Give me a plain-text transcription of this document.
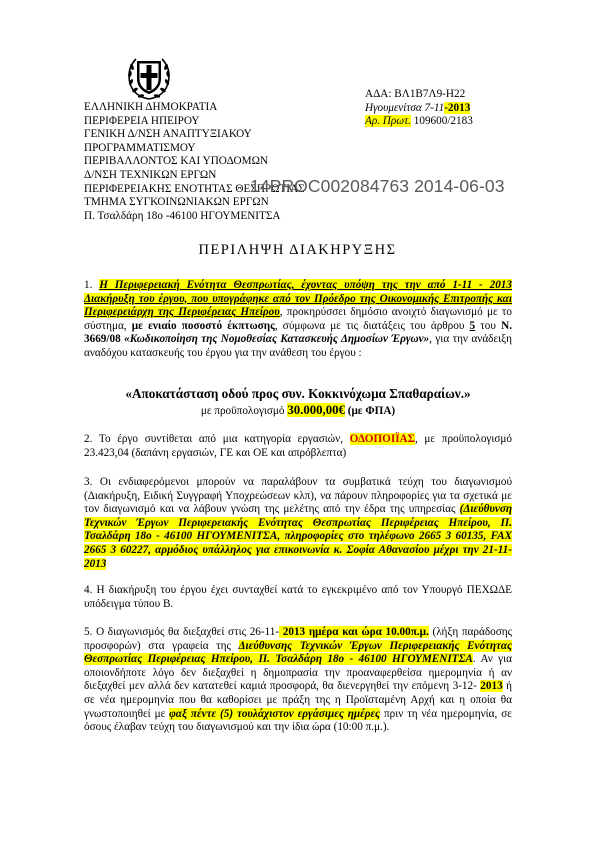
ΕΛΛΗΝΙΚΗ ΔΗΜΟΚΡΑΤΙΑ
ΠΕΡΙΦΕΡΕΙΑ ΗΠΕΙΡΟΥ
ΓΕΝΙΚΗ Δ/ΝΣΗ ΑΝΑΠΤΥΞΙΑΚΟΥ
ΠΡΟΓΡΑΜΜΑΤΙΣΜΟΥ
ΠΕΡΙΒΑΛΛΟΝΤΟΣ ΚΑΙ ΥΠΟΔΟΜΩΝ
Δ/ΝΣΗ ΤΕΧΝΙΚΩΝ ΕΡΓΩΝ
ΠΕΡΙΦΕΡΕΙΑΚΗΣ ΕΝΟΤΗΤΑΣ ΘΕΣΠΡΩΤΙΑΣ
ΤΜΗΜΑ ΣΥΓΚΟΙΝΩΝΙΑΚΩΝ ΕΡΓΩΝ
Π. Τσαλδάρη 18ο -46100 ΗΓΟΥΜΕΝΙΤΣΑ
ΑΔΑ: ΒΛ1Β7Λ9-Η22
Ηγουμενίτσα 7-11-2013
Αρ. Πρωτ. 109600/2183
14PROC002084763 2014-06-03
ΠΕΡΙΛΗΨΗ ΔΙΑΚΗΡΥΞΗΣ

1. Η Περιφερειακή Ενότητα Θεσπρωτίας, έχοντας υπόψη της την από 1-11 - 2013 Διακήρυξη του έργου, που υπογράφηκε από τον Πρόεδρο της Οικονομικής Επιτροπής και Περιφερειάρχη της Περιφέρειας Ηπείρου, προκηρύσσει δημόσιο ανοιχτό διαγωνισμό με το σύστημα, με ενιαίο ποσοστό έκπτωσης, σύμφωνα με τις διατάξεις του άρθρου 5 του Ν. 3669/08 «Κωδικοποίηση της Νομοθεσίας Κατασκευής Δημοσίων Έργων», για την ανάδειξη αναδόχου κατασκευής του έργου για την ανάθεση του έργου :

«Αποκατάσταση οδού προς συν. Κοκκινόχωμα Σπαθαραίων.»
με προϋπολογισμό 30.000,00€ (με ΦΠΑ)

2. Το έργο συντίθεται από μια κατηγορία εργασιών, ΟΔΟΠΟΙΪΑΣ, με προϋπολογισμό 23.423,04 (δαπάνη εργασιών, ΓΕ και ΟΕ και απρόβλεπτα)

3. Οι ενδιαφερόμενοι μπορούν να παραλάβουν τα συμβατικά τεύχη του διαγωνισμού (Διακήρυξη, Ειδική Συγγραφή Υποχρεώσεων κλπ), να πάρουν πληροφορίες για τα σχετικά με τον διαγωνισμό και να λάβουν γνώση της μελέτης από την έδρα της υπηρεσίας (Διεύθυνση Τεχνικών Έργων Περιφερειακής Ενότητας Θεσπρωτίας Περιφέρειας Ηπείρου, Π. Τσαλδάρη 18ο - 46100 ΗΓΟΥΜΕΝΙΤΣΑ, πληροφορίες στο τηλέφωνο 2665 3 60135, FAX 2665 3 60227, αρμόδιος υπάλληλος για επικοινωνία κ. Σοφία Αθανασίου μέχρι την 21-11- 2013

4. Η διακήρυξη του έργου έχει συνταχθεί κατά το εγκεκριμένο από τον Υπουργό ΠΕΧΩΔΕ υπόδειγμα τύπου Β.

5. Ο διαγωνισμός θα διεξαχθεί στις 26-11- 2013 ημέρα και ώρα 10.00π.μ. (λήξη παράδοσης προσφορών) στα γραφεία της Διεύθυνσης Τεχνικών Έργων Περιφερειακής Ενότητας Θεσπρωτίας Περιφέρειας Ηπείρου, Π. Τσαλδάρη 18ο - 46100 ΗΓΟΥΜΕΝΙΤΣΑ. Αν για οποιονδήποτε λόγο δεν διεξαχθεί η δημοπρασία την προαναφερθείσα ημερομηνία ή αν διεξαχθεί μεν αλλά δεν κατατεθεί καμιά προσφορά, θα διενεργηθεί την επόμενη 3-12- 2013 ή σε νέα ημερομηνία που θα καθορίσει με πράξη της η Προϊσταμένη Αρχή και η οποία θα γνωστοποιηθεί με φαξ πέντε (5) τουλάχιστον εργάσιμες ημέρες πριν τη νέα ημερομηνία, σε όσους έλαβαν τεύχη του διαγωνισμού και την ίδια ώρα (10:00 π.μ.).
